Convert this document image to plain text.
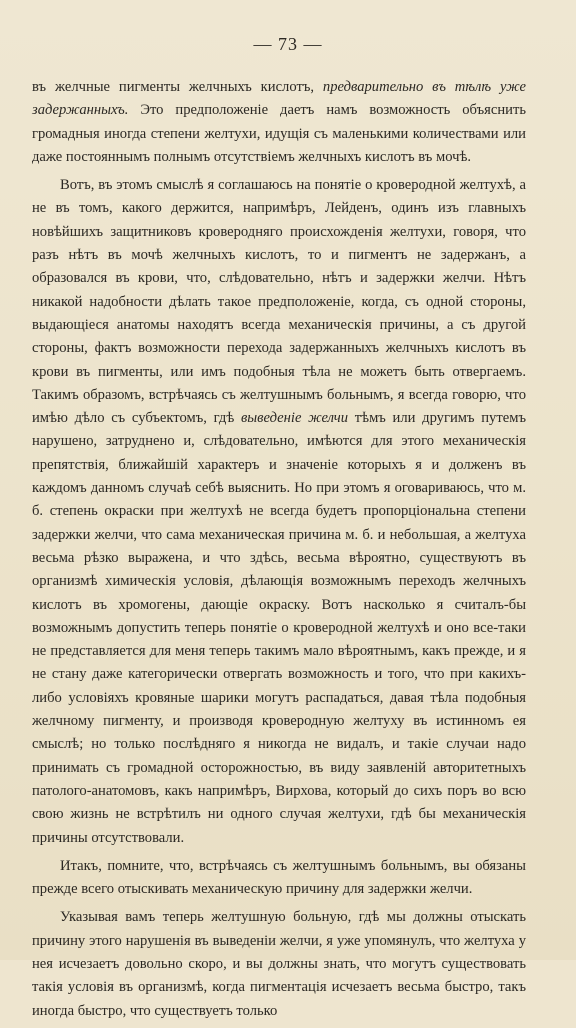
— 73 —

въ желчные пигменты желчныхъ кислотъ, предварительно въ тѣлѣ уже задержанныхъ. Это предположеніе даетъ намъ возможность объяснить громадныя иногда степени желтухи, идущія съ маленькими количествами или даже постояннымъ полнымъ отсутствіемъ желчныхъ кислотъ въ мочѣ.

Вотъ, въ этомъ смыслѣ я соглашаюсь на понятіе о кроверодной желтухѣ, а не въ томъ, какого держится, напримѣръ, Лейденъ, одинъ изъ главныхъ новѣйшихъ защитниковъ кроверодняго происхожденія желтухи, говоря, что разъ нѣтъ въ мочѣ желчныхъ кислотъ, то и пигментъ не задержанъ, а образовался въ крови, что, слѣдовательно, нѣтъ и задержки желчи. Нѣтъ никакой надобности дѣлать такое предположеніе, когда, съ одной стороны, выдающіеся анатомы находятъ всегда механическія причины, а съ другой стороны, фактъ возможности перехода задержанныхъ желчныхъ кислотъ въ крови въ пигменты, или имъ подобныя тѣла не можетъ быть отвергаемъ. Такимъ образомъ, встрѣчаясь съ желтушнымъ больнымъ, я всегда говорю, что имѣю дѣло съ субъектомъ, гдѣ выведеніе желчи тѣмъ или другимъ путемъ нарушено, затруднено и, слѣдовательно, имѣются для этого механическія препятствія, ближайшій характеръ и значеніе которыхъ я и долженъ въ каждомъ данномъ случаѣ себѣ выяснить. Но при этомъ я оговариваюсь, что м. б. степень окраски при желтухѣ не всегда будетъ пропорціональна степени задержки желчи, что сама механическая причина м. б. и небольшая, а желтуха весьма рѣзко выражена, и что здѣсь, весьма вѣроятно, существуютъ въ организмѣ химическія условія, дѣлающія возможнымъ переходъ желчныхъ кислотъ въ хромогены, дающіе окраску. Вотъ насколько я считалъ-бы возможнымъ допустить теперь понятіе о кроверодной желтухѣ и оно все-таки не представляется для меня теперь такимъ мало вѣроятнымъ, какъ прежде, и я не стану даже категорически отвергать возможность и того, что при какихъ-либо условіяхъ кровяные шарики могутъ распадаться, давая тѣла подобныя желчному пигменту, и производя кроверодную желтуху въ истинномъ ея смыслѣ; но только послѣдняго я никогда не видалъ, и такіе случаи надо принимать съ громадной осторожностью, въ виду заявленій авторитетныхъ патолого-анатомовъ, какъ напримѣръ, Вирхова, который до сихъ поръ во всю свою жизнь не встрѣтилъ ни одного случая желтухи, гдѣ бы механическія причины отсутствовали.

Итакъ, помните, что, встрѣчаясь съ желтушнымъ больнымъ, вы обязаны прежде всего отыскивать механическую причину для задержки желчи.

Указывая вамъ теперь желтушную больную, гдѣ мы должны отыскать причину этого нарушенія въ выведеніи желчи, я уже упомянулъ, что желтуха у нея исчезаетъ довольно скоро, и вы должны знать, что могутъ существовать такія условія въ организмѣ, когда пигментація исчезаетъ весьма быстро, такъ иногда быстро, что существуетъ только
